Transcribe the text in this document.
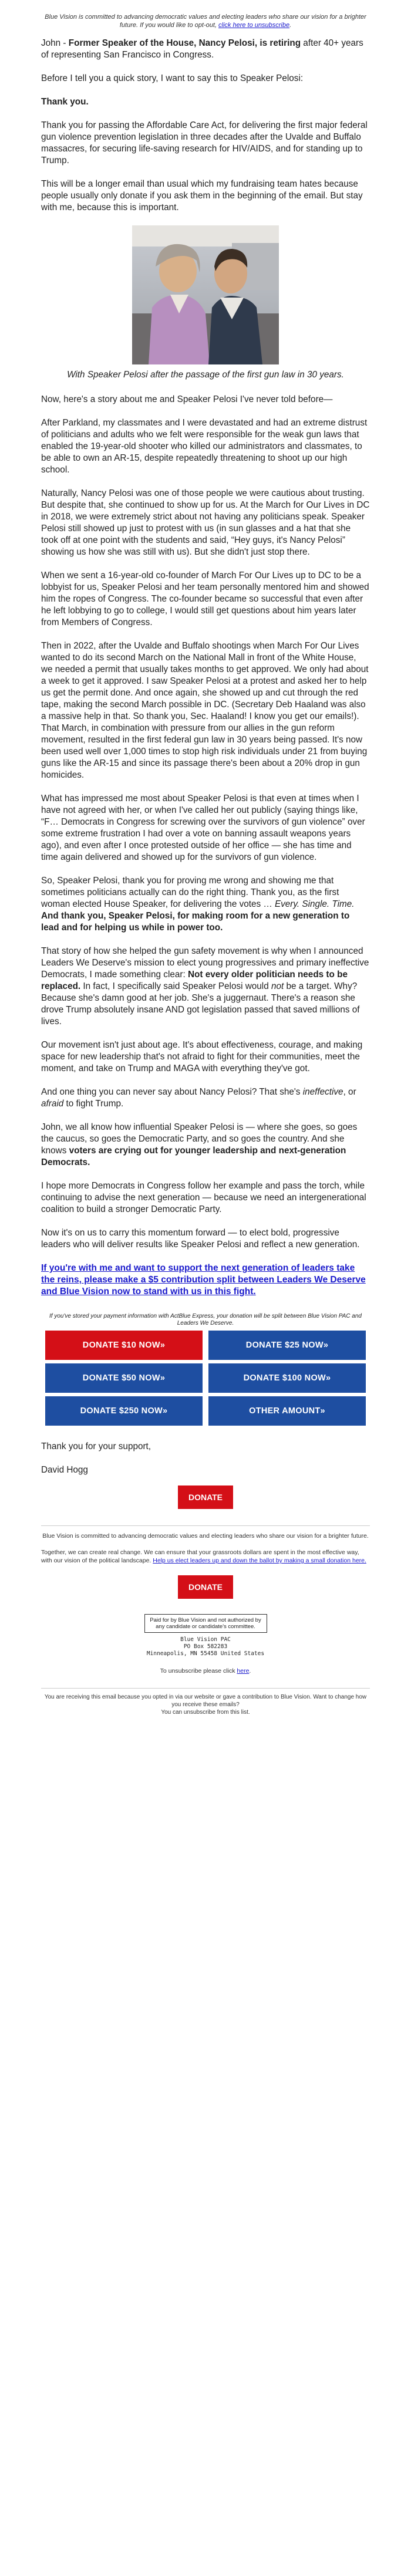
Blue Vision is committed to advancing democratic values and electing leaders who share our vision for a brighter future. If you would like to opt-out, click here to unsubscribe.

John - Former Speaker of the House, Nancy Pelosi, is retiring after 40+ years of representing San Francisco in Congress.

Before I tell you a quick story, I want to say this to Speaker Pelosi:

Thank you.

Thank you for passing the Affordable Care Act, for delivering the first major federal gun violence prevention legislation in three decades after the Uvalde and Buffalo massacres, for securing life-saving research for HIV/AIDS, and for standing up to Trump.

This will be a longer email than usual which my fundraising team hates because people usually only donate if you ask them in the beginning of the email. But stay with me, because this is important.

With Speaker Pelosi after the passage of the first gun law in 30 years.

Now, here's a story about me and Speaker Pelosi I've never told before—

After Parkland, my classmates and I were devastated and had an extreme distrust of politicians and adults who we felt were responsible for the weak gun laws that enabled the 19-year-old shooter who killed our administrators and classmates, to be able to own an AR-15, despite repeatedly threatening to shoot up our high school.

Naturally, Nancy Pelosi was one of those people we were cautious about trusting. But despite that, she continued to show up for us. At the March for Our Lives in DC in 2018, we were extremely strict about not having any politicians speak. Speaker Pelosi still showed up just to protest with us (in sun glasses and a hat that she took off at one point with the students and said, “Hey guys, it's Nancy Pelosi” showing us how she was still with us). But she didn't just stop there.

When we sent a 16-year-old co-founder of March For Our Lives up to DC to be a lobbyist for us, Speaker Pelosi and her team personally mentored him and showed him the ropes of Congress. The co-founder became so successful that even after he left lobbying to go to college, I would still get questions about him years later from Members of Congress.

Then in 2022, after the Uvalde and Buffalo shootings when March For Our Lives wanted to do its second March on the National Mall in front of the White House, we needed a permit that usually takes months to get approved. We only had about a week to get it approved. I saw Speaker Pelosi at a protest and asked her to help us get the permit done. And once again, she showed up and cut through the red tape, making the second March possible in DC. (Secretary Deb Haaland was also a massive help in that. So thank you, Sec. Haaland! I know you get our emails!). That March, in combination with pressure from our allies in the gun reform movement, resulted in the first federal gun law in 30 years being passed. It's now been used well over 1,000 times to stop high risk individuals under 21 from buying guns like the AR-15 and since its passage there's been about a 20% drop in gun homicides.

What has impressed me most about Speaker Pelosi is that even at times when I have not agreed with her, or when I've called her out publicly (saying things like, “F… Democrats in Congress for screwing over the survivors of gun violence” over some extreme frustration I had over a vote on banning assault weapons years ago), and even after I once protested outside of her office — she has time and time again delivered and showed up for the survivors of gun violence.

So, Speaker Pelosi, thank you for proving me wrong and showing me that sometimes politicians actually can do the right thing. Thank you, as the first woman elected House Speaker, for delivering the votes … Every. Single. Time. And thank you, Speaker Pelosi, for making room for a new generation to lead and for helping us while in power too.

That story of how she helped the gun safety movement is why when I announced Leaders We Deserve's mission to elect young progressives and primary ineffective Democrats, I made something clear: Not every older politician needs to be replaced. In fact, I specifically said Speaker Pelosi would not be a target. Why? Because she's damn good at her job. She's a juggernaut. There's a reason she drove Trump absolutely insane AND got legislation passed that saved millions of lives.

Our movement isn't just about age. It's about effectiveness, courage, and making space for new leadership that's not afraid to fight for their communities, meet the moment, and take on Trump and MAGA with everything they've got.

And one thing you can never say about Nancy Pelosi? That she's ineffective, or afraid to fight Trump.

John, we all know how influential Speaker Pelosi is — where she goes, so goes the caucus, so goes the Democratic Party, and so goes the country. And she knows voters are crying out for younger leadership and next-generation Democrats.

I hope more Democrats in Congress follow her example and pass the torch, while continuing to advise the next generation — because we need an intergenerational coalition to build a stronger Democratic Party.

Now it's on us to carry this momentum forward — to elect bold, progressive leaders who will deliver results like Speaker Pelosi and reflect a new generation.

If you're with me and want to support the next generation of leaders take the reins, please make a $5 contribution split between Leaders We Deserve and Blue Vision now to stand with us in this fight.
If you've stored your payment information with ActBlue Express, your donation will be split between Blue Vision PAC and Leaders We Deserve.
DONATE $10 NOW»	DONATE $25 NOW»
DONATE $50 NOW»	DONATE $100 NOW»
DONATE $250 NOW»	OTHER AMOUNT»

Thank you for your support,

David Hogg

DONATE
Blue Vision is committed to advancing democratic values and electing leaders who share our vision for a brighter future.
Together, we can create real change. We can ensure that your grassroots dollars are spent in the most effective way, with our vision of the political landscape. Help us elect leaders up and down the ballot by making a small donation here.
DONATE
Paid for by Blue Vision and not authorized by any candidate or candidate's committee.
Blue Vision PAC
PO Box 582283
Minneapolis, MN 55458 United States
To unsubscribe please click here.
You are receiving this email because you opted in via our website or gave a contribution to Blue Vision. Want to change how you receive these emails?
You can unsubscribe from this list.
